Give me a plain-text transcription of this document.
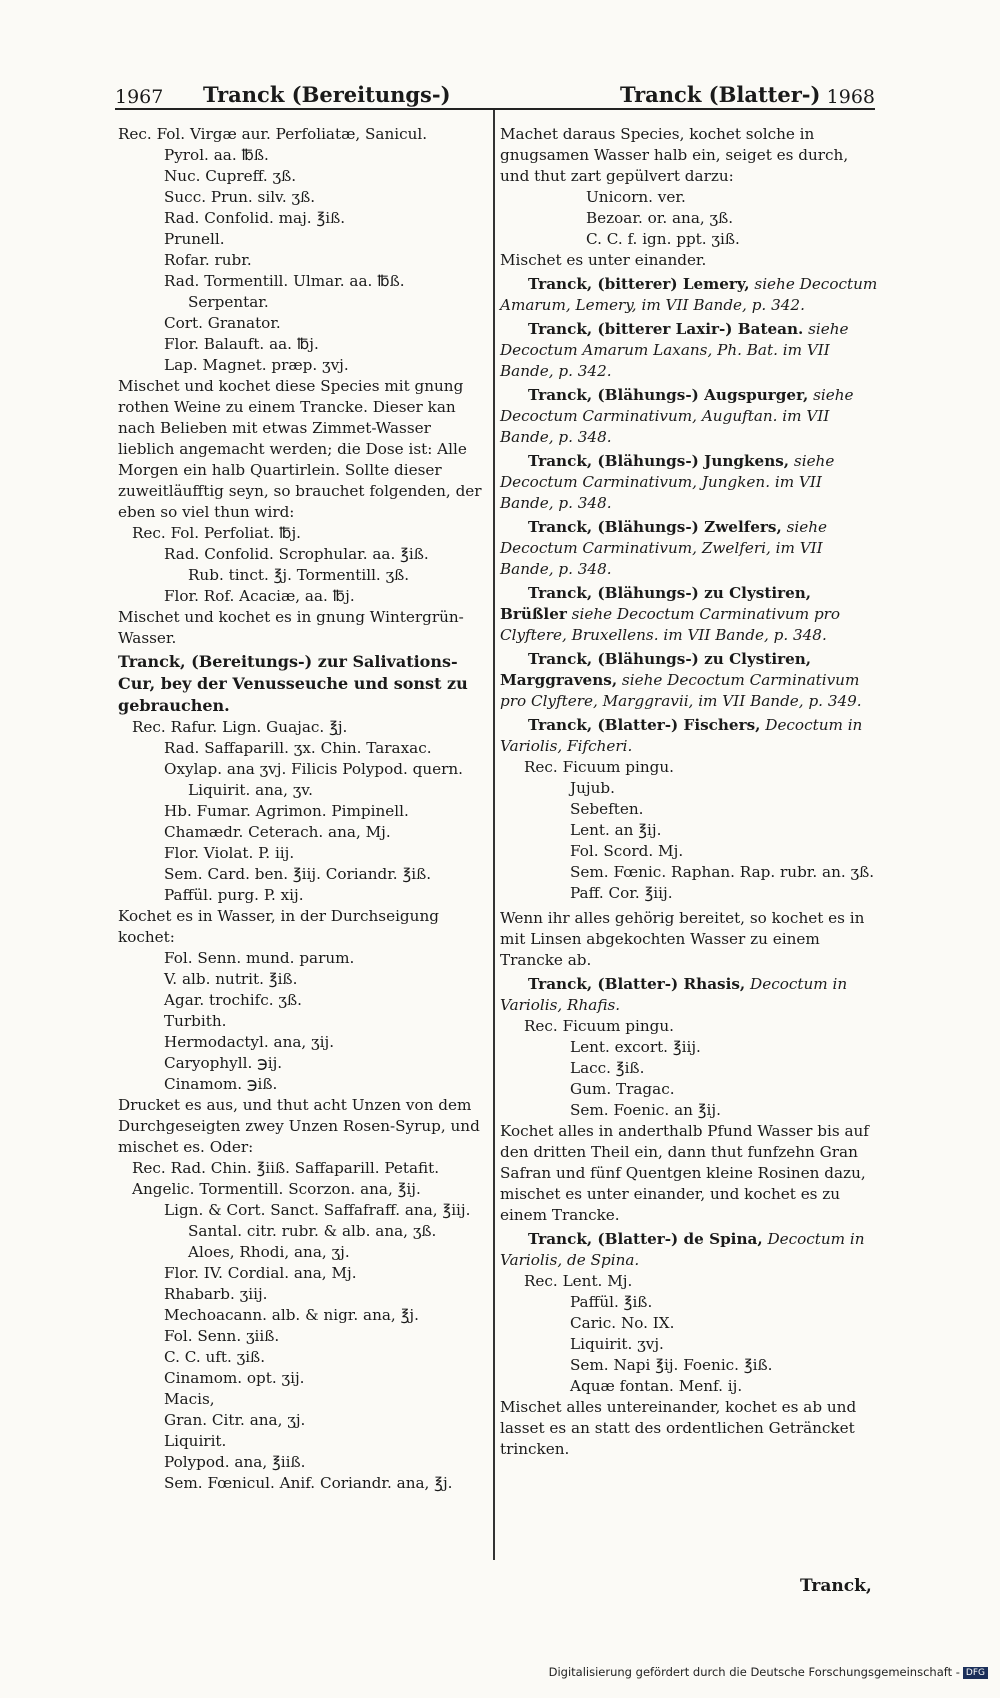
1967 Tranck (Bereitungs-)	Tranck (Blatter-) 1968
Rec. Fol. Virgæ aur. Perfoliatæ, Sanicul.
Pyrol. aa. ℔ß.
Nuc. Cupreff. ʒß.
Succ. Prun. silv. ʒß.
Rad. Confolid. maj. ℥iß.
Prunell.
Rofar. rubr.
Rad. Tormentill. Ulmar. aa. ℔ß.
Serpentar.
Cort. Granator.
Flor. Balauft. aa. ℔j.
Lap. Magnet. præp. ʒvj.

Mischet und kochet diese Species mit gnung rothen Weine zu einem Trancke. Dieser kan nach Belieben mit etwas Zimmet-Wasser lieblich angemacht werden; die Dose ist: Alle Morgen ein halb Quartirlein. Sollte dieser zuweitläufftig seyn, so brauchet folgenden, der eben so viel thun wird:

Rec. Fol. Perfoliat. ℔j.
Rad. Confolid. Scrophular. aa. ℥iß.
Rub. tinct. ℥j. Tormentill. ʒß.
Flor. Rof. Acaciæ, aa. ℔j.

Mischet und kochet es in gnung Wintergrün-Wasser.

Tranck, (Bereitungs-) zur Salivations-Cur, bey der Venusseuche und sonst zu gebrauchen.

Rec. Rafur. Lign. Guajac. ℥j.

Rad. Saffaparill. ʒx. Chin. Taraxac. Oxylap. ana ʒvj. Filicis Polypod. quern.

Liquirit. ana, ʒv.

Hb. Fumar. Agrimon. Pimpinell. Chamædr. Ceterach. ana, Mj.

Flor. Violat. P. iij.
Sem. Card. ben. ℥iij. Coriandr. ℥iß.
Paffül. purg. P. xij.

Kochet es in Wasser, in der Durchseigung kochet:

Fol. Senn. mund. parum.
V. alb. nutrit. ℥iß.
Agar. trochifc. ʒß.
Turbith.
Hermodactyl. ana, ʒij.
Caryophyll. ℈ij.
Cinamom. ℈iß.

Drucket es aus, und thut acht Unzen von dem Durchgeseigten zwey Unzen Rosen-Syrup, und mischet es. Oder:

Rec. Rad. Chin. ℥iiß. Saffaparill. Petafit. Angelic. Tormentill. Scorzon. ana, ℥ij.

Lign. & Cort. Sanct. Saffafraff. ana, ℥iij.
Santal. citr. rubr. & alb. ana, ʒß.
Aloes, Rhodi, ana, ʒj.
Flor. IV. Cordial. ana, Mj.
Rhabarb. ʒiij.
Mechoacann. alb. & nigr. ana, ℥j.
Fol. Senn. ʒiiß.
C. C. uft. ʒiß.
Cinamom. opt. ʒij.
Macis,
Gran. Citr. ana, ʒj.
Liquirit.
Polypod. ana, ℥iiß.
Sem. Fœnicul. Anif. Coriandr. ana, ℥j.

Machet daraus Species, kochet solche in gnugsamen Wasser halb ein, seiget es durch, und thut zart gepülvert darzu:

Unicorn. ver.
Bezoar. or. ana, ʒß.
C. C. f. ign. ppt. ʒiß.

Mischet es unter einander.

Tranck, (bitterer) Lemery, siehe Decoctum Amarum, Lemery, im VII Bande, p. 342.

Tranck, (bitterer Laxir-) Batean. siehe Decoctum Amarum Laxans, Ph. Bat. im VII Bande, p. 342.

Tranck, (Blähungs-) Augspurger, siehe Decoctum Carminativum, Auguftan. im VII Bande, p. 348.

Tranck, (Blähungs-) Jungkens, siehe Decoctum Carminativum, Jungken. im VII Bande, p. 348.

Tranck, (Blähungs-) Zwelfers, siehe Decoctum Carminativum, Zwelferi, im VII Bande, p. 348.

Tranck, (Blähungs-) zu Clystiren, Brüßler siehe Decoctum Carminativum pro Clyftere, Bruxellens. im VII Bande, p. 348.

Tranck, (Blähungs-) zu Clystiren, Marggravens, siehe Decoctum Carminativum pro Clyftere, Marggravii, im VII Bande, p. 349.

Tranck, (Blatter-) Fischers, Decoctum in Variolis, Fifcheri.

Rec. Ficuum pingu.
Jujub.
Sebeften.
Lent. an ℥ij.
Fol. Scord. Mj.
Sem. Fœnic. Raphan. Rap. rubr. an. ʒß.
Paff. Cor. ℥iij.

Wenn ihr alles gehörig bereitet, so kochet es in mit Linsen abgekochten Wasser zu einem Trancke ab.

Tranck, (Blatter-) Rhasis, Decoctum in Variolis, Rhafis.

Rec. Ficuum pingu.
Lent. excort. ℥iij.
Lacc. ℥iß.
Gum. Tragac.
Sem. Foenic. an ℥ij.

Kochet alles in anderthalb Pfund Wasser bis auf den dritten Theil ein, dann thut funfzehn Gran Safran und fünf Quentgen kleine Rosinen dazu, mischet es unter einander, und kochet es zu einem Trancke.

Tranck, (Blatter-) de Spina, Decoctum in Variolis, de Spina.

Rec. Lent. Mj.
Paffül. ℥iß.
Caric. No. IX.
Liquirit. ʒvj.
Sem. Napi ℥ij. Foenic. ℥iß.
Aquæ fontan. Menf. ij.

Mischet alles untereinander, kochet es ab und lasset es an statt des ordentlichen Geträncket trincken.

Tranck,
Digitalisierung gefördert durch die Deutsche Forschungsgemeinschaft - DFG
